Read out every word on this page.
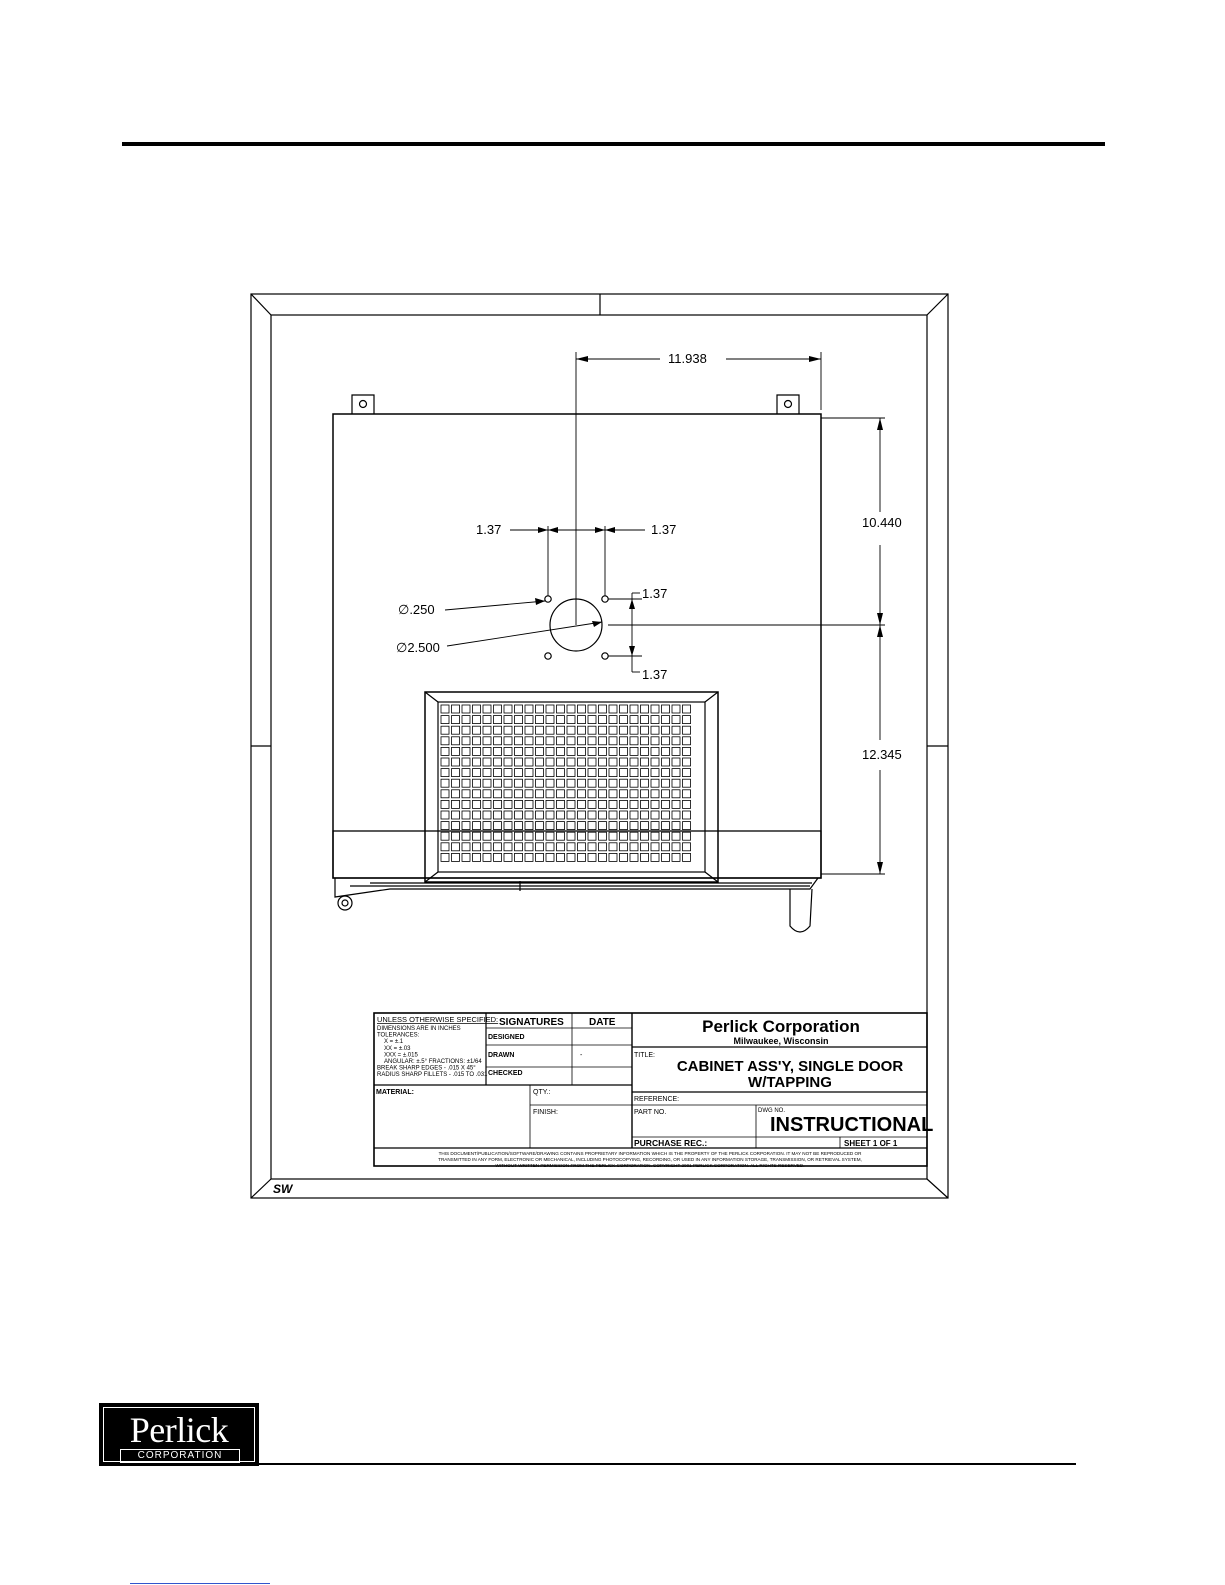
11.938
1.37	1.37	10.440
12.345
1.37
1.37
∅.250
∅2.500
UNLESS OTHERWISE SPECIFIED:
DIMENSIONS ARE IN INCHES
TOLERANCES:
X = ±.1
XX = ±.03
XXX = ±.015
ANGULAR: ±.5° FRACTIONS: ±1/64
BREAK SHARP EDGES - .015 X 45°
RADIUS SHARP FILLETS - .015 TO .031
SIGNATURES	DATE
DESIGNED
DRAWN	-
CHECKED
Perlick Corporation
Milwaukee, Wisconsin
TITLE:
CABINET ASS'Y, SINGLE DOOR
W/TAPPING
MATERIAL:	QTY.:
REFERENCE:
FINISH:	PART NO.	DWG NO.
INSTRUCTIONAL
PURCHASE REC.:	SHEET 1 OF 1
THIS DOCUMENT/PUBLICATION/SOFTWARE/DRAWING CONTAINS PROPRIETARY INFORMATION WHICH IS THE PROPERTY OF THE PERLICK CORPORATION. IT MAY NOT BE REPRODUCED OR
TRANSMITTED IN ANY FORM, ELECTRONIC OR MECHANICAL, INCLUDING PHOTOCOPYING, RECORDING, OR USED IN ANY INFORMATION STORAGE, TRANSMISSION, OR RETRIEVAL SYSTEM,
WITHOUT WRITTEN PERMISSION FROM THE PERLICK CORPORATION. COPYRIGHT 2001 PERLICK CORPORATION. ALL RIGHTS RESERVED.
SW
Perlick
CORPORATION
